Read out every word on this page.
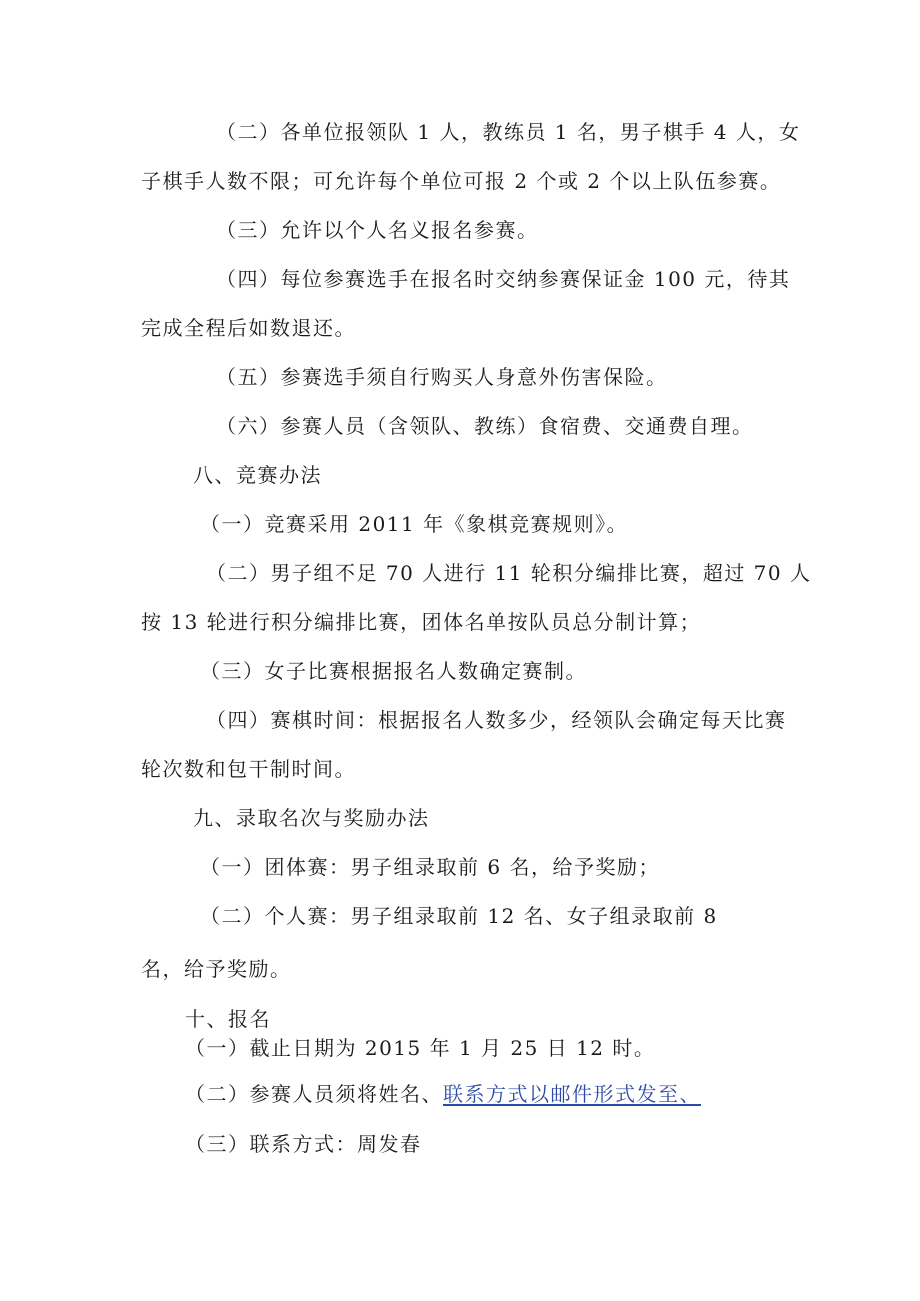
（二）各单位报领队 1 人，教练员 1 名，男子棋手 4 人，女
子棋手人数不限；可允许每个单位可报 2 个或 2 个以上队伍参赛。
（三）允许以个人名义报名参赛。
（四）每位参赛选手在报名时交纳参赛保证金 100 元，待其
完成全程后如数退还。
（五）参赛选手须自行购买人身意外伤害保险。
（六）参赛人员（含领队、教练）食宿费、交通费自理。
八、竞赛办法
（一）竞赛采用 2011 年《象棋竞赛规则》。
（二）男子组不足 70 人进行 11 轮积分编排比赛，超过 70 人
按 13 轮进行积分编排比赛，团体名单按队员总分制计算；
（三）女子比赛根据报名人数确定赛制。
（四）赛棋时间：根据报名人数多少，经领队会确定每天比赛
轮次数和包干制时间。
九、录取名次与奖励办法
（一）团体赛：男子组录取前 6 名，给予奖励；
（二）个人赛：男子组录取前 12 名、女子组录取前 8
名，给予奖励。
十、报名
（一）截止日期为 2015 年 1 月 25 日 12 时。
（二）参赛人员须将姓名、联系方式以邮件形式发至、
（三）联系方式：周发春
